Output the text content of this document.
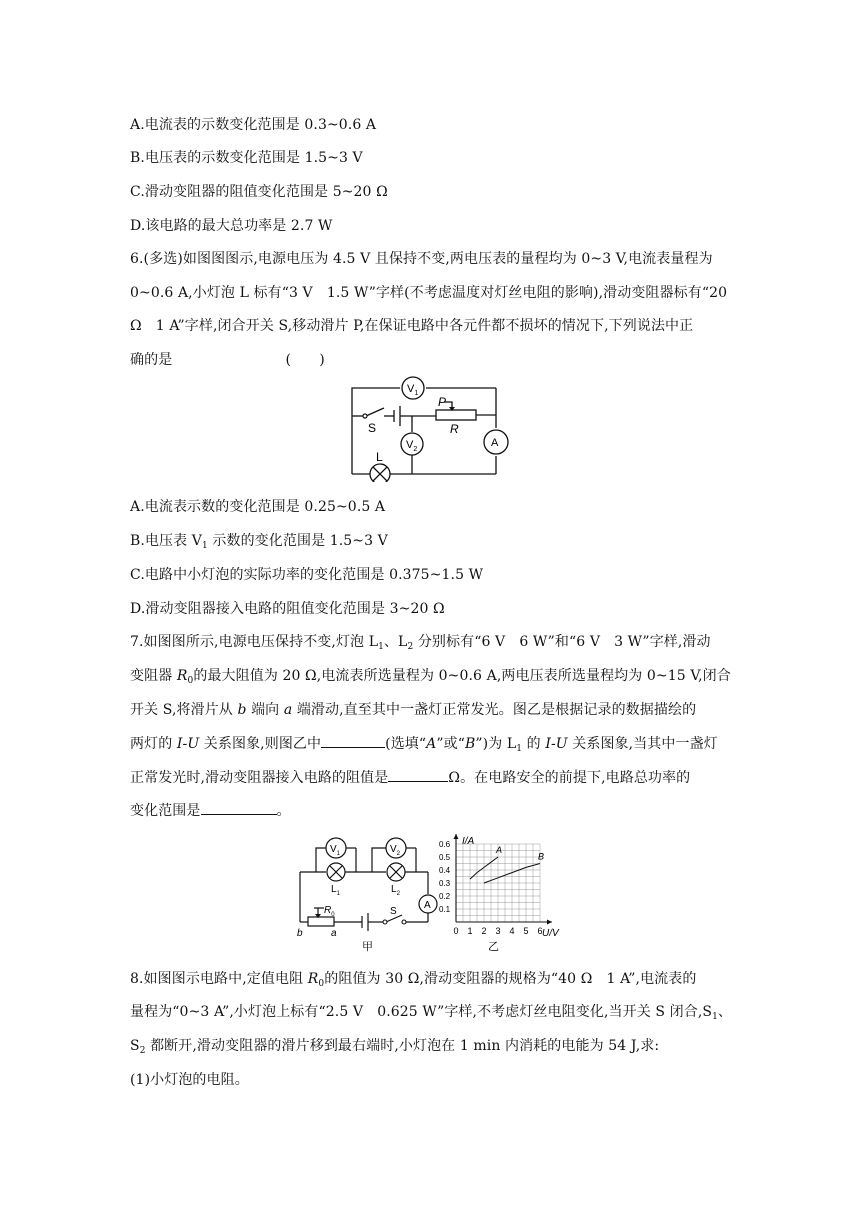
A.电流表的示数变化范围是 0.3~0.6 A
B.电压表的示数变化范围是 1.5~3 V
C.滑动变阻器的阻值变化范围是 5~20 Ω
D.该电路的最大总功率是 2.7 W
6.(多选)如图图图示,电源电压为 4.5 V 且保持不变,两电压表的量程均为 0~3 V,电流表量程为
0~0.6 A,小灯泡 L 标有“3 V　1.5 W”字样(不考虑温度对灯丝电阻的影响),滑动变阻器标有“20
Ω　1 A”字样,闭合开关 S,移动滑片 P,在保证电路中各元件都不损坏的情况下,下列说法中正
确的是	(　　)
$V_1$
$V_2$
A
S
L
P
R
A.电流表示数的变化范围是 0.25~0.5 A
B.电压表 $V_1$ 示数的变化范围是 1.5~3 V
C.电路中小灯泡的实际功率的变化范围是 0.375~1.5 W
D.滑动变阻器接入电路的阻值变化范围是 3~20 Ω
7.如图图所示,电源电压保持不变,灯泡 $L_1$、$L_2$ 分别标有“6 V　6 W”和“6 V　3 W”字样,滑动
变阻器 $R_0$的最大阻值为 20 Ω,电流表所选量程为 0~0.6 A,两电压表所选量程均为 0~15 V,闭合
开关 S,将滑片从 b 端向 a 端滑动,直至其中一盏灯正常发光。图乙是根据记录的数据描绘的
两灯的 I-U 关系图象,则图乙中	(选填“A”或“B”)为 $L_1$ 的 I-U 关系图象,当其中一盏灯
正常发光时,滑动变阻器接入电路的阻值是	Ω。在电路安全的前提下,电路总功率的
变化范围是	。
$V_1$	$V_2$
$L_1$	$L_2$
A
$R_0$	S
b	a
甲
0 1 2 3 4 5 6
0.1
0.2
0.3
0.4
0.5
0.6
A
B
I/A
U/V
乙
8.如图图示电路中,定值电阻 $R_0$的阻值为 30 Ω,滑动变阻器的规格为“40 Ω　1 A”,电流表的
量程为“0~3 A”,小灯泡上标有“2.5 V　0.625 W”字样,不考虑灯丝电阻变化,当开关 S 闭合$,S_1$、
$S_2$ 都断开,滑动变阻器的滑片移到最右端时,小灯泡在 1 min 内消耗的电能为 54 J,求:
(1)小灯泡的电阻。
